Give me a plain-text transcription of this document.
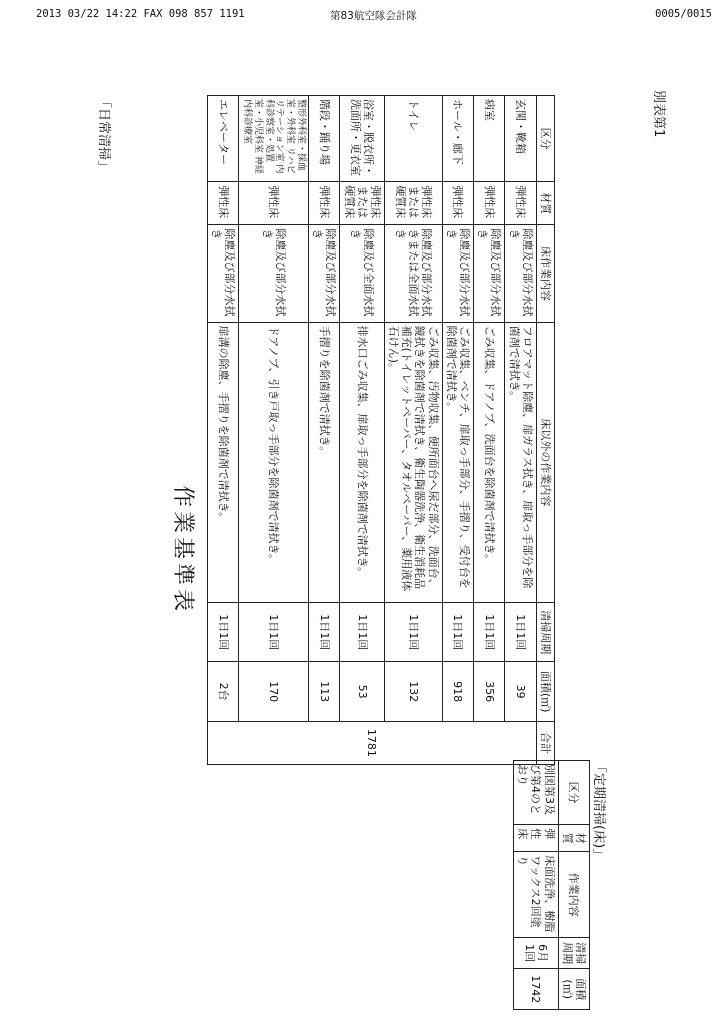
2013 03/22 14:22 FAX 098 857 1191	第83航空隊会計隊	0005/0015
別表第1
作業基準表
「日常清掃」	区分	材質	床作業内容	床以外の作業内容	清掃周期	面積(㎡)	合計
玄関・靴箱	弾性床	除塵及び部分水拭き	フロアマット除塵、扉ガラス拭き、扉取っ手部分を除菌剤で清拭き。	1日1回	39	1781
病室	弾性床	除塵及び部分水拭き	ごみ収集、ドアノブ、洗面台を除菌剤で清拭き。	1日1回	356	
ホール・廊下	弾性床	除塵及び部分水拭き	ごみ収集、ベンチ、扉取っ手部分、手摺り、受付台を除菌剤で清拭き。	1日1回	918	
トイレ	弾性床または硬質床	除塵及び部分水拭きまたは全面水拭き	ごみ収集、汚物収集、便所面台へ尿だ部分、洗面台、鏡拭きを除菌剤で清拭き、衛生陶器洗浄、衛生消耗品補充(トイレットペーパー、タオルペーパー、薬用液体石けん)。	1日1回	132	
浴室・脱衣所・洗面所・更衣室	弾性床または硬質床	除塵及び全面水拭き	排水口ごみ収集、扉取っ手部分を除菌剤で清拭き。	1日1回	53	
階段・踊り場	弾性床	除塵及び部分水拭き	手摺りを除菌剤で清拭き。	1日1回	113	
整形外科室・採血室・外科室 リハビリテーション室 内科診察室・処置室・小児科室 神経内科診療室	弾性床	除塵及び部分水拭き	ドアノブ、引き戸取っ手部分を除菌剤で清拭き。	1日1回	170	
エレベーター	弾性床	除塵及び部分水拭き	扉溝の除塵、手摺りを除菌剤で清拭き。	1日1回	2台	
「定期清掃(床)」
区分	材質	作業内容	清掃周期	面積(㎡)
別図第3及び第4のとおり	弾性床	床面洗浄、樹脂ワックス2回塗り	6月1回	1742
